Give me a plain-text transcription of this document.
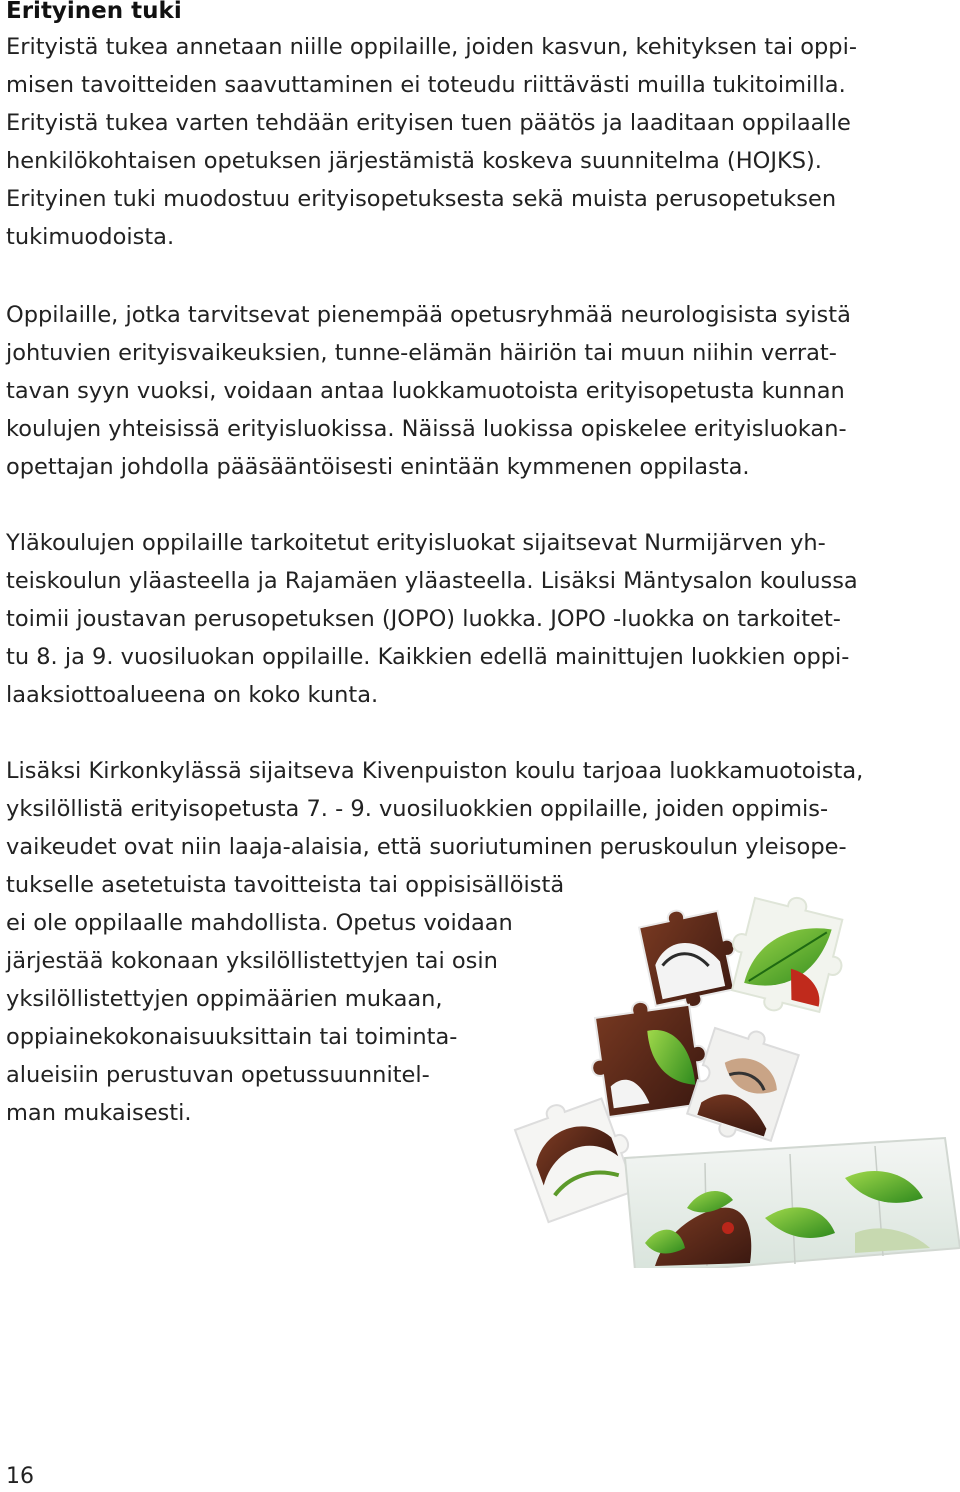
Erityinen tuki

Erityistä tukea annetaan niille oppilaille, joiden kasvun, kehityksen tai oppi-
misen tavoitteiden saavuttaminen ei toteudu riittävästi muilla tukitoimilla.
Erityistä tukea varten tehdään erityisen tuen päätös ja laaditaan oppilaalle
henkilökohtaisen opetuksen järjestämistä koskeva suunnitelma (HOJKS).
Erityinen tuki muodostuu erityisopetuksesta sekä muista perusopetuksen
tukimuodoista.

Oppilaille, jotka tarvitsevat pienempää opetusryhmää neurologisista syistä
johtuvien erityisvaikeuksien, tunne-elämän häiriön tai muun niihin verrat-
tavan syyn vuoksi, voidaan antaa luokkamuotoista erityisopetusta kunnan
koulujen yhteisissä erityisluokissa. Näissä luokissa opiskelee erityisluokan-
opettajan johdolla pääsääntöisesti enintään kymmenen oppilasta.

Yläkoulujen oppilaille tarkoitetut erityisluokat sijaitsevat Nurmijärven yh-
teiskoulun yläasteella ja Rajamäen yläasteella. Lisäksi Mäntysalon koulussa
toimii joustavan perusopetuksen (JOPO) luokka. JOPO -luokka on tarkoitet-
tu 8. ja 9. vuosiluokan oppilaille. Kaikkien edellä mainittujen luokkien oppi-
laaksiottoalueena on koko kunta.

Lisäksi Kirkonkylässä sijaitseva Kivenpuiston koulu tarjoaa luokkamuotoista,
yksilöllistä erityisopetusta 7. - 9. vuosiluokkien oppilaille, joiden oppimis-
vaikeudet ovat niin laaja-alaisia, että suoriutuminen peruskoulun yleisope-
tukselle asetetuista tavoitteista tai oppisisällöistä
ei ole oppilaalle mahdollista. Opetus voidaan
järjestää kokonaan yksilöllistettyjen tai osin
yksilöllistettyjen oppimäärien mukaan,
oppiainekokonaisuuksittain tai toiminta-
alueisiin perustuvan opetussuunnitel-
man mukaisesti.

16
